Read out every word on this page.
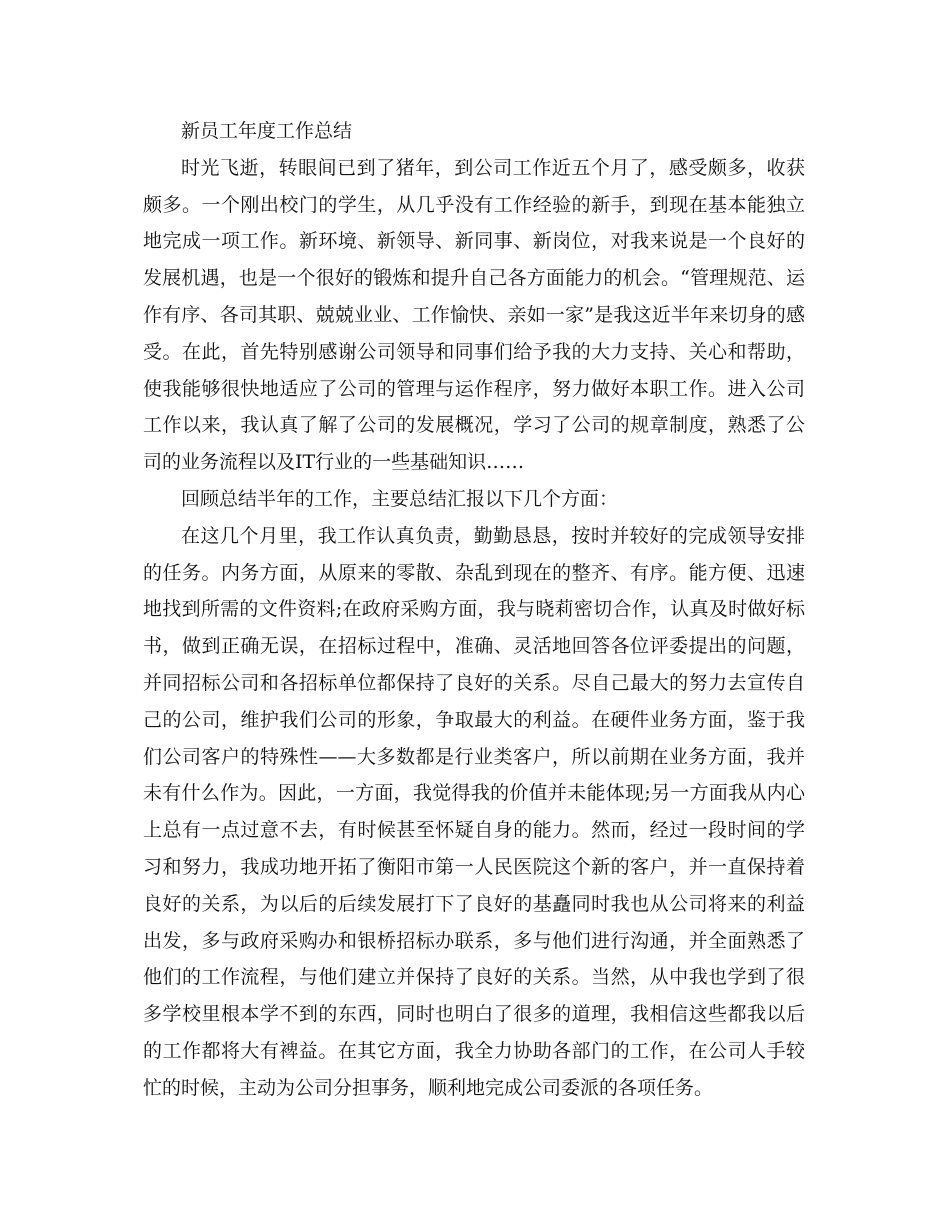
新员工年度工作总结

时光飞逝，转眼间已到了猪年，到公司工作近五个月了，感受颇多，收获颇多。一个刚出校门的学生，从几乎没有工作经验的新手，到现在基本能独立地完成一项工作。新环境、新领导、新同事、新岗位，对我来说是一个良好的发展机遇，也是一个很好的锻炼和提升自己各方面能力的机会。“管理规范、运作有序、各司其职、兢兢业业、工作愉快、亲如一家”是我这近半年来切身的感受。在此，首先特别感谢公司领导和同事们给予我的大力支持、关心和帮助，使我能够很快地适应了公司的管理与运作程序，努力做好本职工作。进入公司工作以来，我认真了解了公司的发展概况，学习了公司的规章制度，熟悉了公司的业务流程以及IT行业的一些基础知识……

回顾总结半年的工作，主要总结汇报以下几个方面：

在这几个月里，我工作认真负责，勤勤恳恳，按时并较好的完成领导安排的任务。内务方面，从原来的零散、杂乱到现在的整齐、有序。能方便、迅速地找到所需的文件资料;在政府采购方面，我与晓莉密切合作，认真及时做好标书，做到正确无误，在招标过程中，准确、灵活地回答各位评委提出的问题，并同招标公司和各招标单位都保持了良好的关系。尽自己最大的努力去宣传自己的公司，维护我们公司的形象，争取最大的利益。在硬件业务方面，鉴于我们公司客户的特殊性——大多数都是行业类客户，所以前期在业务方面，我并未有什么作为。因此，一方面，我觉得我的价值并未能体现;另一方面我从内心上总有一点过意不去，有时候甚至怀疑自身的能力。然而，经过一段时间的学习和努力，我成功地开拓了衡阳市第一人民医院这个新的客户，并一直保持着良好的关系，为以后的后续发展打下了良好的基矗同时我也从公司将来的利益出发，多与政府采购办和银桥招标办联系，多与他们进行沟通，并全面熟悉了他们的工作流程，与他们建立并保持了良好的关系。当然，从中我也学到了很多学校里根本学不到的东西，同时也明白了很多的道理，我相信这些都我以后的工作都将大有裨益。在其它方面，我全力协助各部门的工作，在公司人手较忙的时候，主动为公司分担事务，顺利地完成公司委派的各项任务。
